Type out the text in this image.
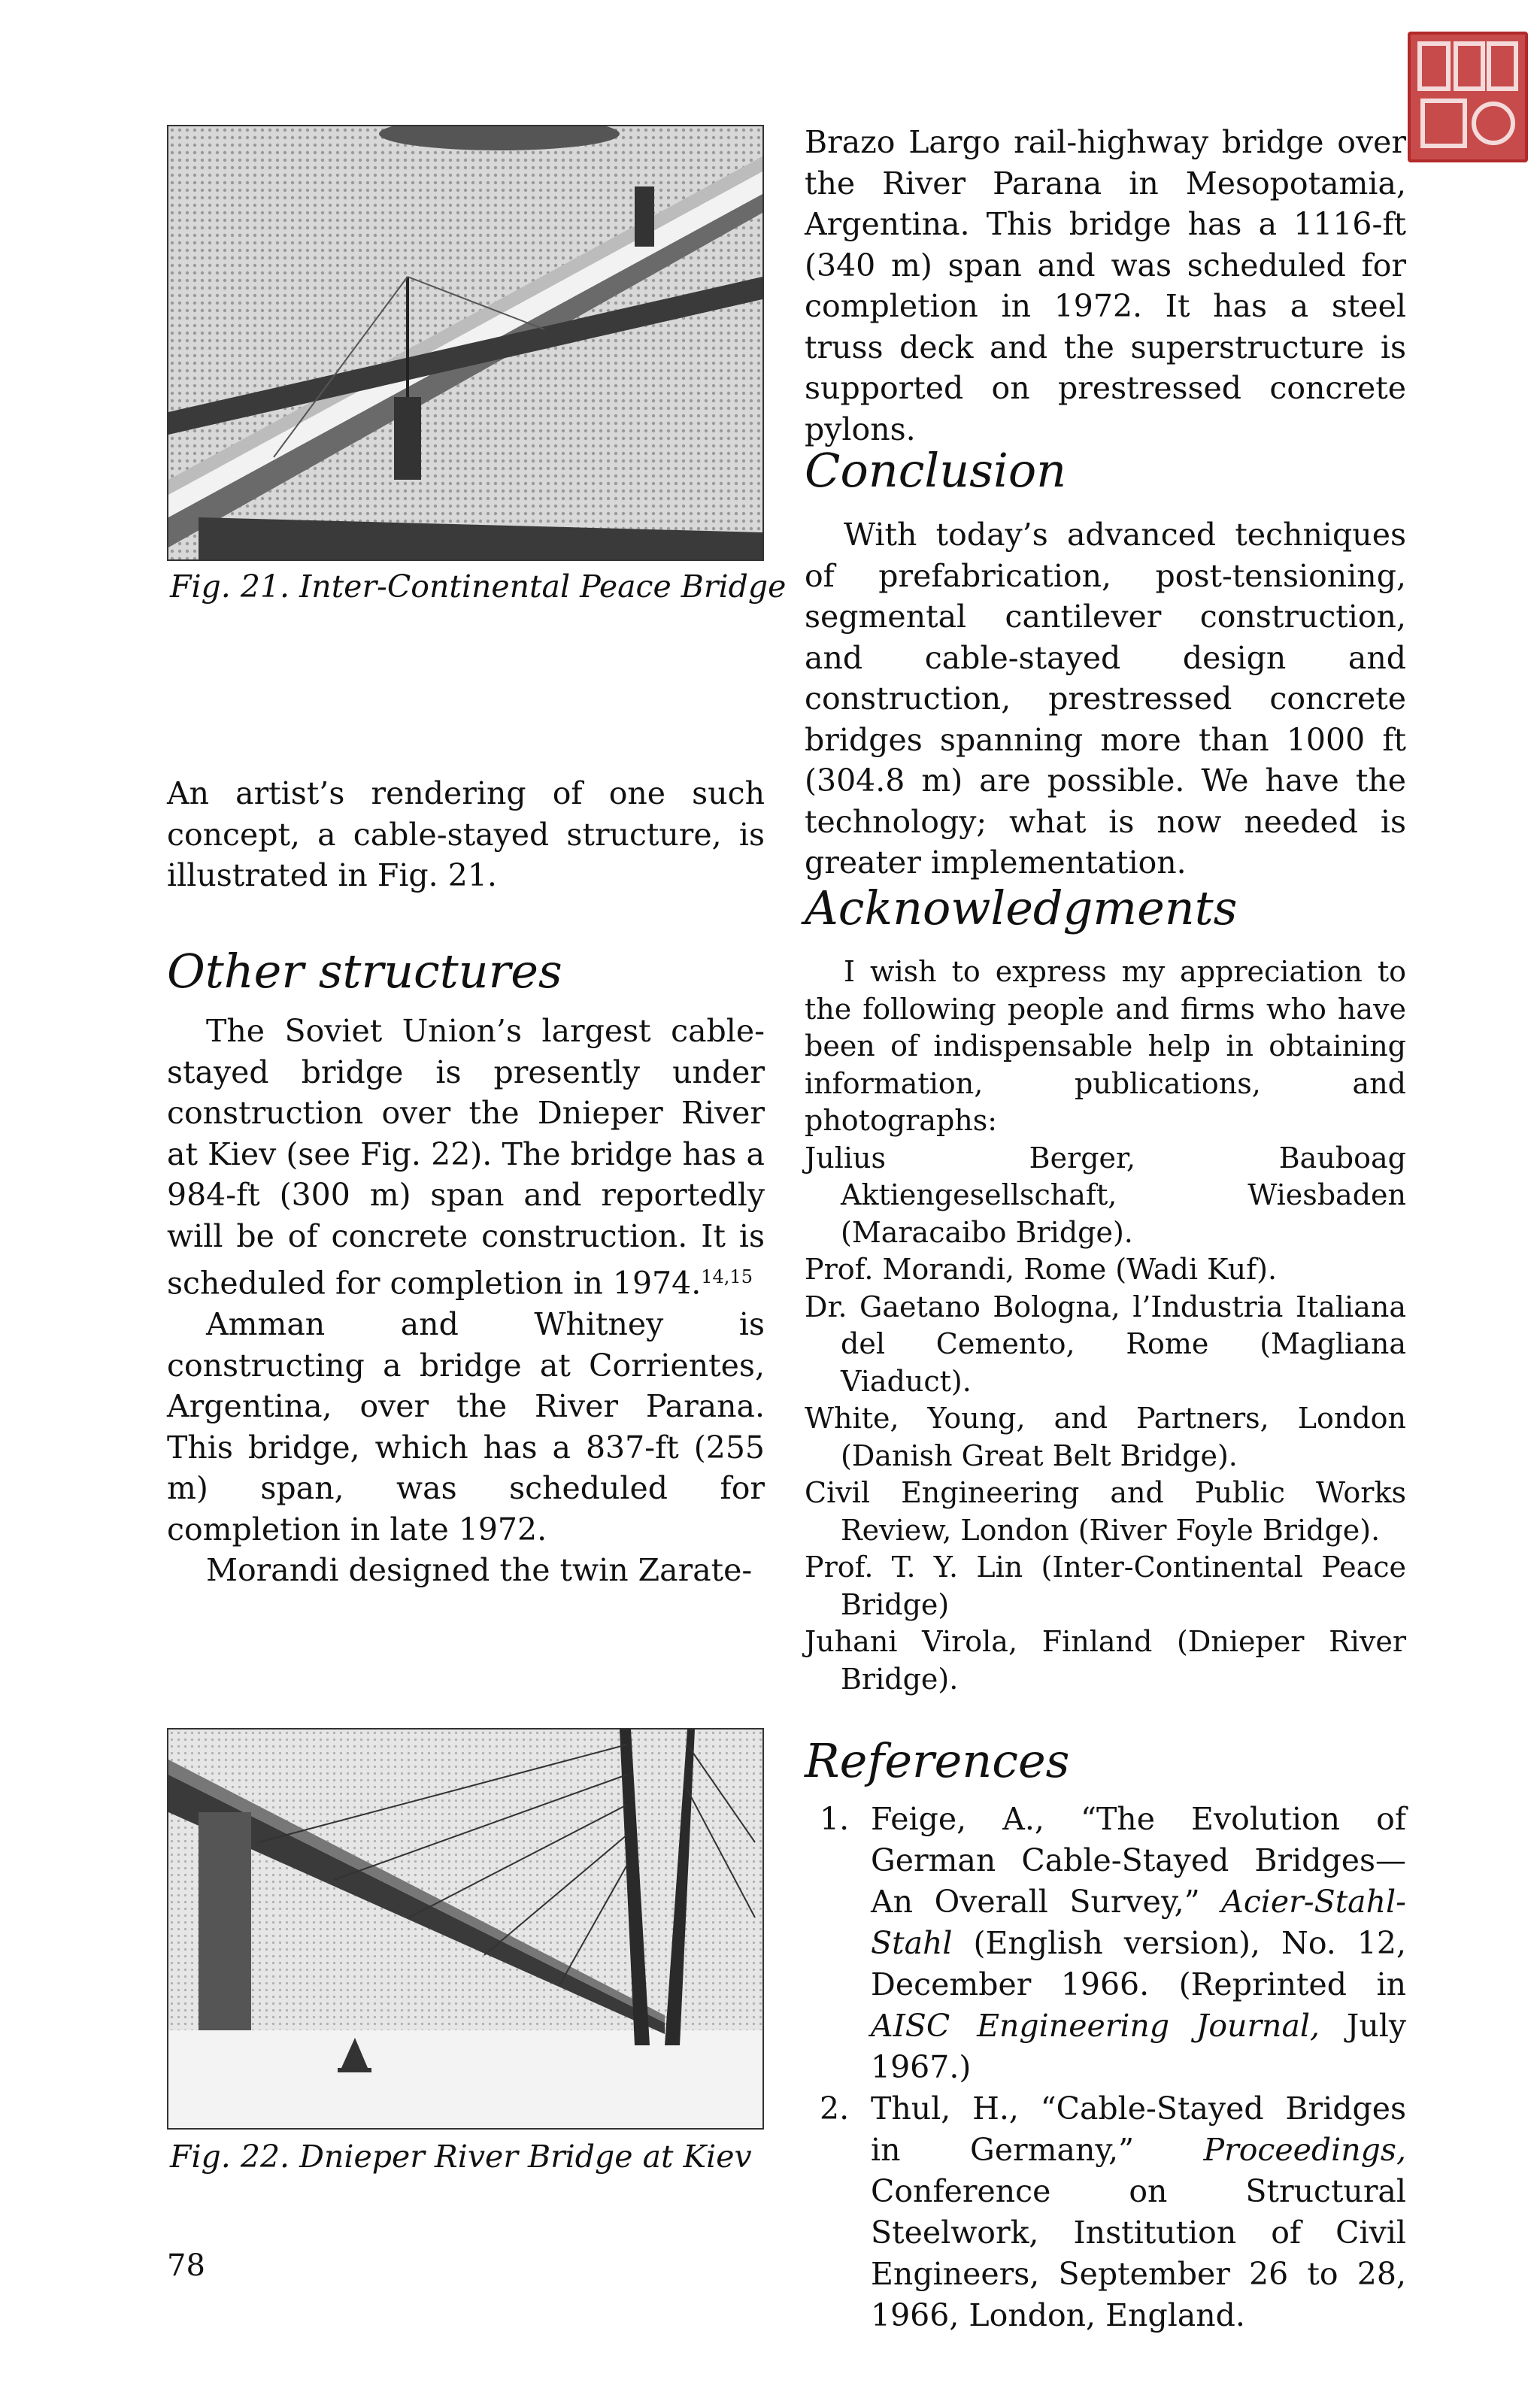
Fig. 21. Inter-Continental Peace Bridge

An artist’s rendering of one such concept, a cable-stayed structure, is illustrated in Fig. 21.

Other structures

The Soviet Union’s largest cable-stayed bridge is presently under construction over the Dnieper River at Kiev (see Fig. 22). The bridge has a 984-ft (300 m) span and reportedly will be of concrete construction. It is scheduled for completion in 1974.$^{14,15}$

Amman and Whitney is constructing a bridge at Corrientes, Argentina, over the River Parana. This bridge, which has a 837-ft (255 m) span, was scheduled for completion in late 1972.

Morandi designed the twin Zarate-

Fig. 22. Dnieper River Bridge at Kiev

Brazo Largo rail-highway bridge over the River Parana in Mesopotamia, Argentina. This bridge has a 1116-ft (340 m) span and was scheduled for completion in 1972. It has a steel truss deck and the superstructure is supported on prestressed concrete pylons.

Conclusion

With today’s advanced techniques of prefabrication, post-tensioning, segmental cantilever construction, and cable-stayed design and construction, prestressed concrete bridges spanning more than 1000 ft (304.8 m) are possible. We have the technology; what is now needed is greater implementation.

Acknowledgments

I wish to express my appreciation to the following people and firms who have been of indispensable help in obtaining information, publications, and photographs:

Julius Berger, Bauboag Aktiengesellschaft, Wiesbaden (Maracaibo Bridge).
Prof. Morandi, Rome (Wadi Kuf).
Dr. Gaetano Bologna, l’Industria Italiana del Cemento, Rome (Magliana Viaduct).
White, Young, and Partners, London (Danish Great Belt Bridge).
Civil Engineering and Public Works Review, London (River Foyle Bridge).
Prof. T. Y. Lin (Inter-Continental Peace Bridge)
Juhani Virola, Finland (Dnieper River Bridge).
References
1. Feige, A., “The Evolution of German Cable-Stayed Bridges—An Overall Survey,” Acier-Stahl-Stahl (English version), No. 12, December 1966. (Reprinted in AISC Engineering Journal, July 1967.)
2. Thul, H., “Cable-Stayed Bridges in Germany,” Proceedings, Conference on Structural Steelwork, Institution of Civil Engineers, September 26 to 28, 1966, London, England.
78
